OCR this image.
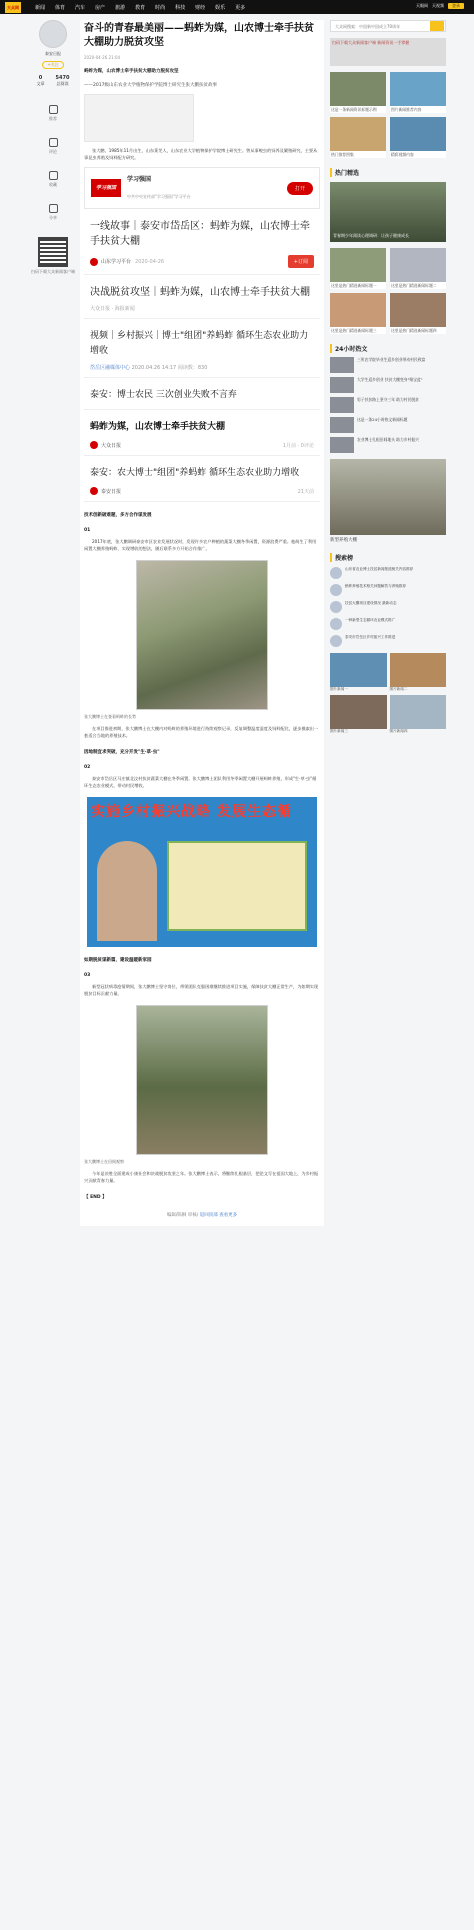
大众网	新闻 体育 汽车 房产 旅游 教育 时尚 科技 财经 娱乐 更多	天眼网 天视频	登录
泰安日报
+关注
0
文章
5470
总阅读
推荐
评论
收藏
分享
扫码下载大众新闻客户端
奋斗的青春最美丽——蚂蚱为媒，山农博士牵手扶贫大棚助力脱贫攻坚
2020-04-26 21:04
蚂蚱为媒，山农博士牵手扶贫大棚助力脱贫攻坚
——2017级山东农业大学植物保护学院博士研究生张大鹏扶贫故事

张大鹏，1985年11月出生，山东莱芜人，山东农业大学植物保护学院博士研究生。曾从事蝗虫的饲养及繁殖研究，主要从事昆虫养殖及饲料配方研究。

学习强国
学习强国
中共中央宣传部"学习强国"学习平台
打开
一线故事｜泰安市岱岳区：蚂蚱为媒，山农博士牵手扶贫大棚
山东学习平台 2020-04-26	+订阅
决战脱贫攻坚｜蚂蚱为媒，山农博士牵手扶贫大棚
大众日报 · 海报新闻
视频｜乡村振兴｜博士"组团"养蚂蚱 循环生态农业助力增收
岱岳区融媒体中心 2020.04.26 14:17 阅读数：830
泰安：博士农民 三次创业失败不言弃
蚂蚱为媒，山农博士牵手扶贫大棚
大众日报	1月前 · 0评论
泰安：农大博士"组团"养蚂蚱 循环生态农业助力增收
泰安日报	21天前
技术创新破难题，多方合作谋发展
01

2017年底，张大鹏调研泰安市区农业发展状况时，发现许多农户种植的蔬菜大棚冬季闲置，资源浪费严重。他萌生了利用闲置大棚养殖蚂蚱、实现增收的想法，随后联系多方开始合作推广。

张大鹏博士在查看蚂蚱的长势

在项目推进初期，张大鹏博士在大棚内对蚂蚱的养殖环境进行持续观察记录，反复调整温度湿度及饲料配比，逐步摸索出一套适合当地的养殖技术。

因地制宜求突破，充分开发"生·草·虫"
02

泰安市岱岳区马庄镇北汶村扶贫蔬菜大棚在冬季闲置。张大鹏博士团队利用冬季闲置大棚开展蚂蚱养殖，形成"生·草·虫"循环生态农业模式，带动村民增收。

实施乡村振兴战略 发展生态循
如期脱贫谋新篇，建设温暖新家园
03

新型冠状病毒疫情期间，张大鹏博士坚守岗位，带领团队克服困难继续推进项目实施，保障扶贫大棚正常生产，为如期实现脱贫目标贡献力量。

张大鹏博士在田间观察

今年是决胜全面建成小康社会和决战脱贫攻坚之年。张大鹏博士表示，将继续扎根基层，把论文写在祖国大地上，为乡村振兴贡献青春力量。

【 END 】
编辑/陈桐 审核/ 返回顶部 查看更多
大众网搜索：中国新中国成立70周年
扫码下载大众新闻客户端 新闻资讯一手掌握
这是一条新闻资讯标题示例	图片新闻推荐内容
热门推荐图集	精彩视频内容
热门精选
青春期少年阅读心理调研：让孩子健康成长
这里是热门精选新闻标题一	这里是热门精选新闻标题二
这里是热门精选新闻标题三	这里是热门精选新闻标题四
24小时热文
三所农学院毕业生返乡创业带动村民致富
大学生返乡创业 扶贫大棚变身"聚宝盆"
男子扶贫路上坚守三年 助力村民脱贫
这是一条24小时热文新闻标题
农业博士扎根田间地头 助力乡村振兴
新型养殖大棚
搜索榜
山东省农业博士扶贫新闻报道相关内容推荐
蚂蚱养殖技术相关问题解答与养殖推荐
扶贫大棚项目建设情况 最新动态
一种新型生态循环农业模式推广
泰安市岱岳区乡村振兴工作推进
图片新闻一	图片新闻二
图片新闻三	图片新闻四
